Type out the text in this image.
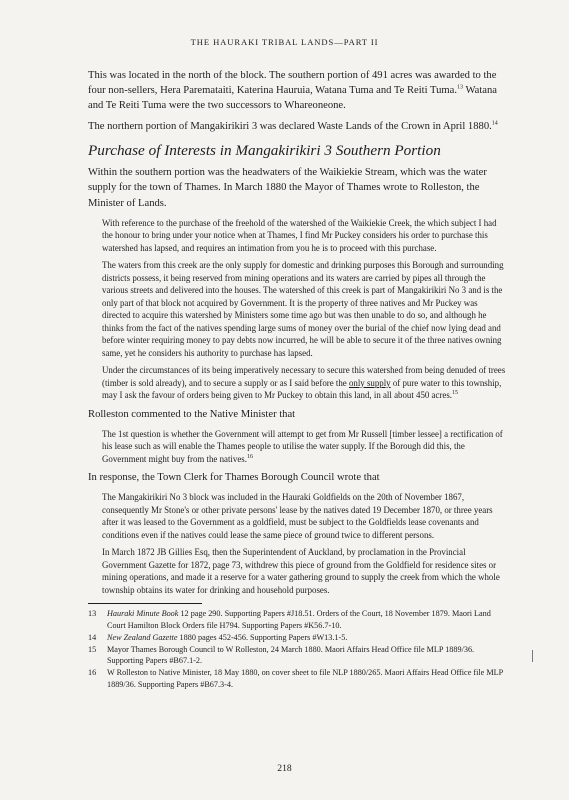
THE HAURAKI TRIBAL LANDS—PART II

This was located in the north of the block. The southern portion of 491 acres was awarded to the four non-sellers, Hera Paremataiti, Katerina Hauruia, Watana Tuma and Te Reiti Tuma.$^{13}$ Watana and Te Reiti Tuma were the two successors to Whareoneone.

The northern portion of Mangakirikiri 3 was declared Waste Lands of the Crown in April 1880.14

Purchase of Interests in Mangakirikiri 3 Southern Portion

Within the southern portion was the headwaters of the Waikiekie Stream, which was the water supply for the town of Thames. In March 1880 the Mayor of Thames wrote to Rolleston, the Minister of Lands.

With reference to the purchase of the freehold of the watershed of the Waikiekie Creek, the which subject I had the honour to bring under your notice when at Thames, I find Mr Puckey considers his order to purchase this watershed has lapsed, and requires an intimation from you he is to proceed with this purchase.

The waters from this creek are the only supply for domestic and drinking purposes this Borough and surrounding districts possess, it being reserved from mining operations and its waters are carried by pipes all through the various streets and delivered into the houses. The watershed of this creek is part of Mangakirikiri No 3 and is the only part of that block not acquired by Government. It is the property of three natives and Mr Puckey was directed to acquire this watershed by Ministers some time ago but was then unable to do so, and although he thinks from the fact of the natives spending large sums of money over the burial of the chief now lying dead and before winter requiring money to pay debts now incurred, he will be able to secure it of the three natives owning same, yet he considers his authority to purchase has lapsed.

Under the circumstances of its being imperatively necessary to secure this watershed from being denuded of trees (timber is sold already), and to secure a supply or as I said before the only supply of pure water to this township, may I ask the favour of orders being given to Mr Puckey to obtain this land, in all about 450 acres.$^{15}$

Rolleston commented to the Native Minister that

The 1st question is whether the Government will attempt to get from Mr Russell [timber lessee] a rectification of his lease such as will enable the Thames people to utilise the water supply. If the Borough did this, the Government might buy from the natives.$^{16}$

In response, the Town Clerk for Thames Borough Council wrote that

The Mangakirikiri No 3 block was included in the Hauraki Goldfields on the 20th of November 1867, consequently Mr Stone's or other private persons' lease by the natives dated 19 December 1870, or three years after it was leased to the Government as a goldfield, must be subject to the Goldfields lease covenants and conditions even if the natives could lease the same piece of ground twice to different persons.

In March 1872 JB Gillies Esq, then the Superintendent of Auckland, by proclamation in the Provincial Government Gazette for 1872, page 73, withdrew this piece of ground from the Goldfield for residence sites or mining operations, and made it a reserve for a water gathering ground to supply the creek from which the whole township obtains its water for drinking and household purposes.

13	Hauraki Minute Book 12 page 290. Supporting Papers #J18.51. Orders of the Court, 18 November 1879. Maori Land Court Hamilton Block Orders file H794. Supporting Papers #K56.7-10.
14	New Zealand Gazette 1880 pages 452-456. Supporting Papers #W13.1-5.
15	Mayor Thames Borough Council to W Rolleston, 24 March 1880. Maori Affairs Head Office file MLP 1889/36. Supporting Papers #B67.1-2.
16	W Rolleston to Native Minister, 18 May 1880, on cover sheet to file NLP 1880/265. Maori Affairs Head Office file MLP 1889/36. Supporting Papers #B67.3-4.
218
